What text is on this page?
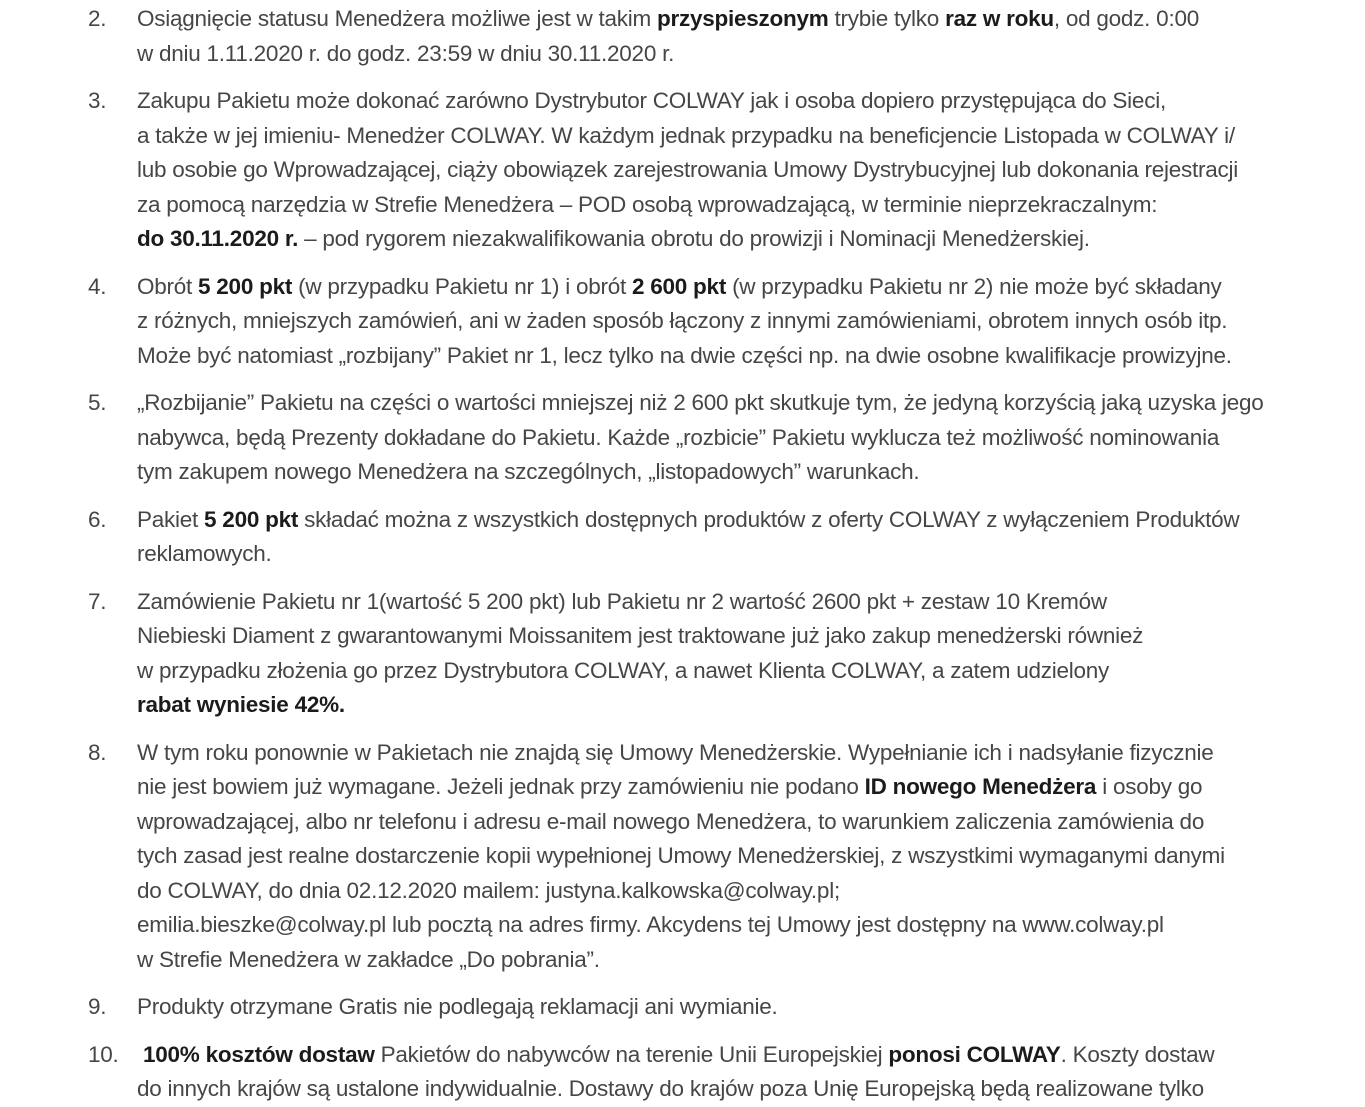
2.	Osiągnięcie statusu Menedżera możliwe jest w takim przyspieszonym trybie tylko raz w roku, od godz. 0:00
w dniu 1.11.2020 r. do godz. 23:59 w dniu 30.11.2020 r.
3.	Zakupu Pakietu może dokonać zarówno Dystrybutor COLWAY jak i osoba dopiero przystępująca do Sieci,
a także w jej imieniu- Menedżer COLWAY. W każdym jednak przypadku na beneficjencie Listopada w COLWAY i/
lub osobie go Wprowadzającej, ciąży obowiązek zarejestrowania Umowy Dystrybucyjnej lub dokonania rejestracji
za pomocą narzędzia w Strefie Menedżera – POD osobą wprowadzającą, w terminie nieprzekraczalnym:
do 30.11.2020 r. – pod rygorem niezakwalifikowania obrotu do prowizji i Nominacji Menedżerskiej.
4.	Obrót 5 200 pkt (w przypadku Pakietu nr 1) i obrót 2 600 pkt (w przypadku Pakietu nr 2) nie może być składany
z różnych, mniejszych zamówień, ani w żaden sposób łączony z innymi zamówieniami, obrotem innych osób itp.
Może być natomiast „rozbijany” Pakiet nr 1, lecz tylko na dwie części np. na dwie osobne kwalifikacje prowizyjne.
5.	„Rozbijanie” Pakietu na części o wartości mniejszej niż 2 600 pkt skutkuje tym, że jedyną korzyścią jaką uzyska jego
nabywca, będą Prezenty dokładane do Pakietu. Każde „rozbicie” Pakietu wyklucza też możliwość nominowania
tym zakupem nowego Menedżera na szczególnych, „listopadowych” warunkach.
6.	Pakiet 5 200 pkt składać można z wszystkich dostępnych produktów z oferty COLWAY z wyłączeniem Produktów
reklamowych.
7.	Zamówienie Pakietu nr 1(wartość 5 200 pkt) lub Pakietu nr 2 wartość 2600 pkt + zestaw 10 Kremów
Niebieski Diament z gwarantowanymi Moissanitem jest traktowane już jako zakup menedżerski również
w przypadku złożenia go przez Dystrybutora COLWAY, a nawet Klienta COLWAY, a zatem udzielony
rabat wyniesie 42%.
8.	W tym roku ponownie w Pakietach nie znajdą się Umowy Menedżerskie. Wypełnianie ich i nadsyłanie fizycznie
nie jest bowiem już wymagane. Jeżeli jednak przy zamówieniu nie podano ID nowego Menedżera i osoby go
wprowadzającej, albo nr telefonu i adresu e-mail nowego Menedżera, to warunkiem zaliczenia zamówienia do
tych zasad jest realne dostarczenie kopii wypełnionej Umowy Menedżerskiej, z wszystkimi wymaganymi danymi
do COLWAY, do dnia 02.12.2020 mailem: justyna.kalkowska@colway.pl;
emilia.bieszke@colway.pl lub pocztą na adres firmy. Akcydens tej Umowy jest dostępny na www.colway.pl
w Strefie Menedżera w zakładce „Do pobrania”.
9.	Produkty otrzymane Gratis nie podlegają reklamacji ani wymianie.
10.	100% kosztów dostaw Pakietów do nabywców na terenie Unii Europejskiej ponosi COLWAY. Koszty dostaw
do innych krajów są ustalone indywidualnie. Dostawy do krajów poza Unię Europejską będą realizowane tylko
